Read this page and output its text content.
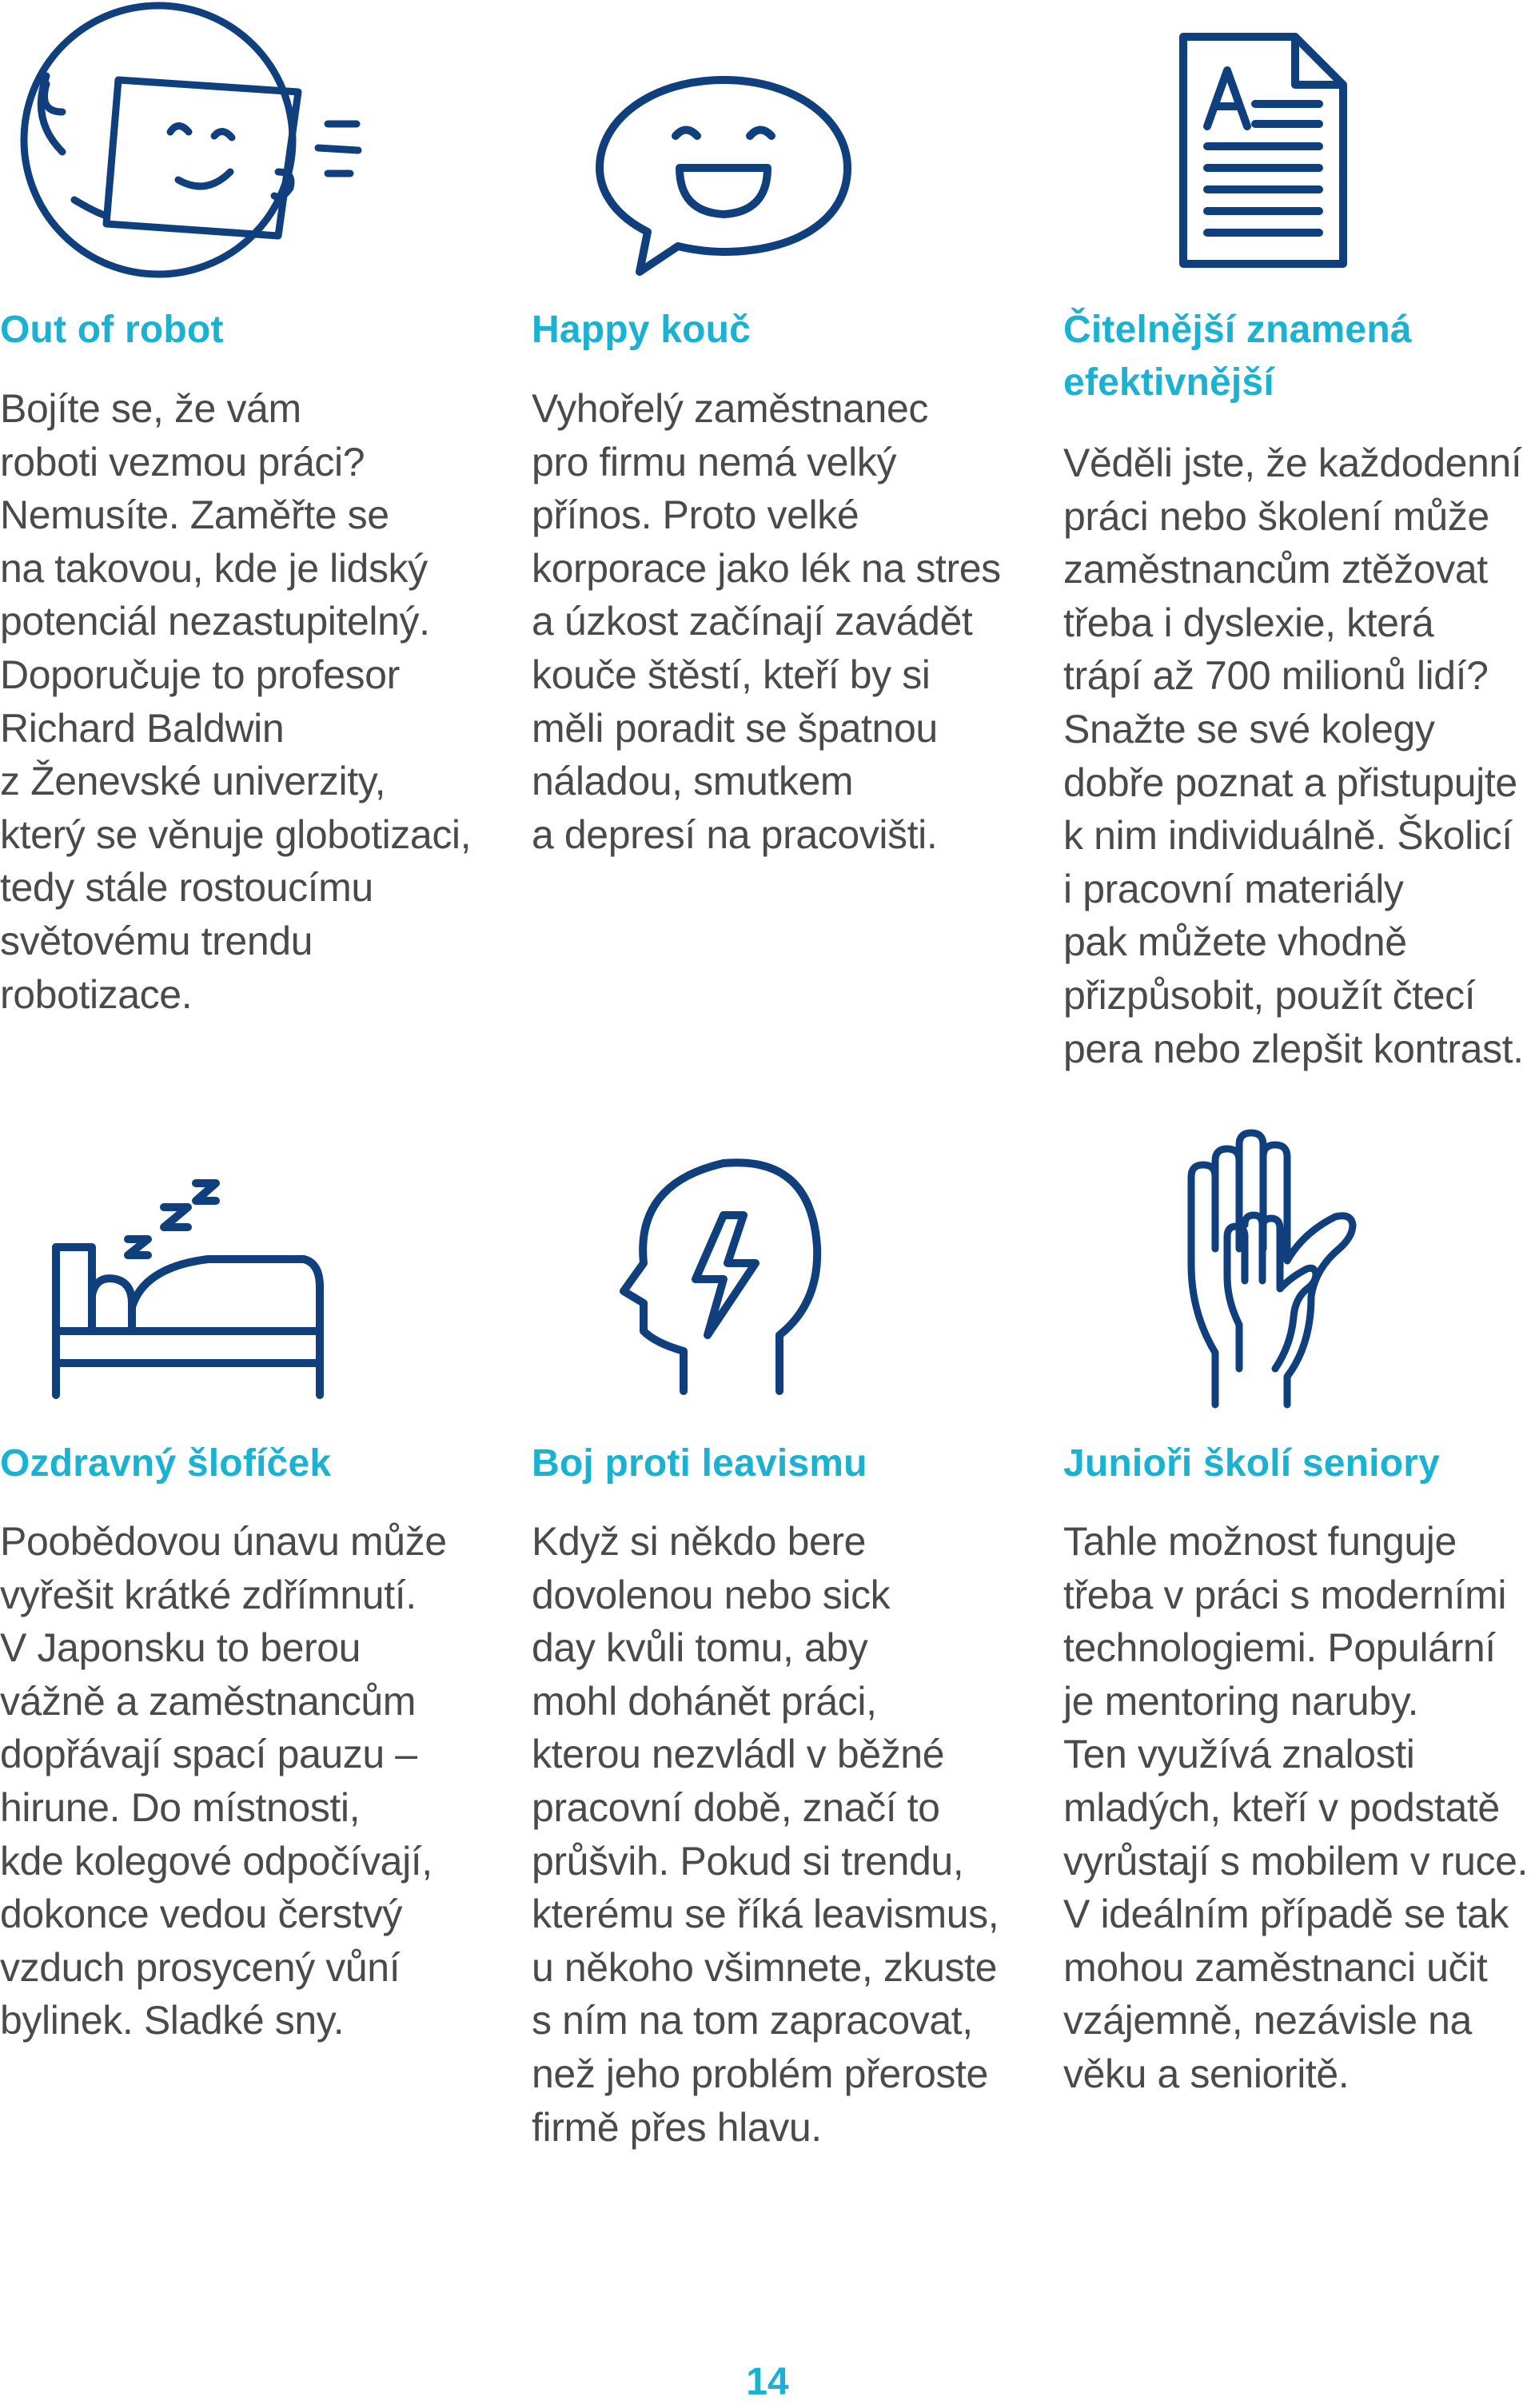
Out of robot

Bojíte se, že vám
roboti vezmou práci?
Nemusíte. Zaměřte se
na takovou, kde je lidský
potenciál nezastupitelný.
Doporučuje to profesor
Richard Baldwin
z Ženevské univerzity,
který se věnuje globotizaci,
tedy stále rostoucímu
světovému trendu
robotizace.

Happy kouč

Vyhořelý zaměstnanec
pro firmu nemá velký
přínos. Proto velké
korporace jako lék na stres
a úzkost začínají zavádět
kouče štěstí, kteří by si
měli poradit se špatnou
náladou, smutkem
a depresí na pracovišti.

Čitelnější znamená
efektivnější

Věděli jste, že každodenní
práci nebo školení může
zaměstnancům ztěžovat
třeba i dyslexie, která
trápí až 700 milionů lidí?
Snažte se své kolegy
dobře poznat a přistupujte
k nim individuálně. Školicí
i pracovní materiály
pak můžete vhodně
přizpůsobit, použít čtecí
pera nebo zlepšit kontrast.

Ozdravný šlofíček

Poobědovou únavu může
vyřešit krátké zdřímnutí.
V Japonsku to berou
vážně a zaměstnancům
dopřávají spací pauzu –
hirune. Do místnosti,
kde kolegové odpočívají,
dokonce vedou čerstvý
vzduch prosycený vůní
bylinek. Sladké sny.

Boj proti leavismu

Když si někdo bere
dovolenou nebo sick
day kvůli tomu, aby
mohl dohánět práci,
kterou nezvládl v běžné
pracovní době, značí to
průšvih. Pokud si trendu,
kterému se říká leavismus,
u někoho všimnete, zkuste
s ním na tom zapracovat,
než jeho problém přeroste
firmě přes hlavu.

Junioři školí seniory

Tahle možnost funguje
třeba v práci s moderními
technologiemi. Populární
je mentoring naruby.
Ten využívá znalosti
mladých, kteří v podstatě
vyrůstají s mobilem v ruce.
V ideálním případě se tak
mohou zaměstnanci učit
vzájemně, nezávisle na
věku a senioritě.

14
